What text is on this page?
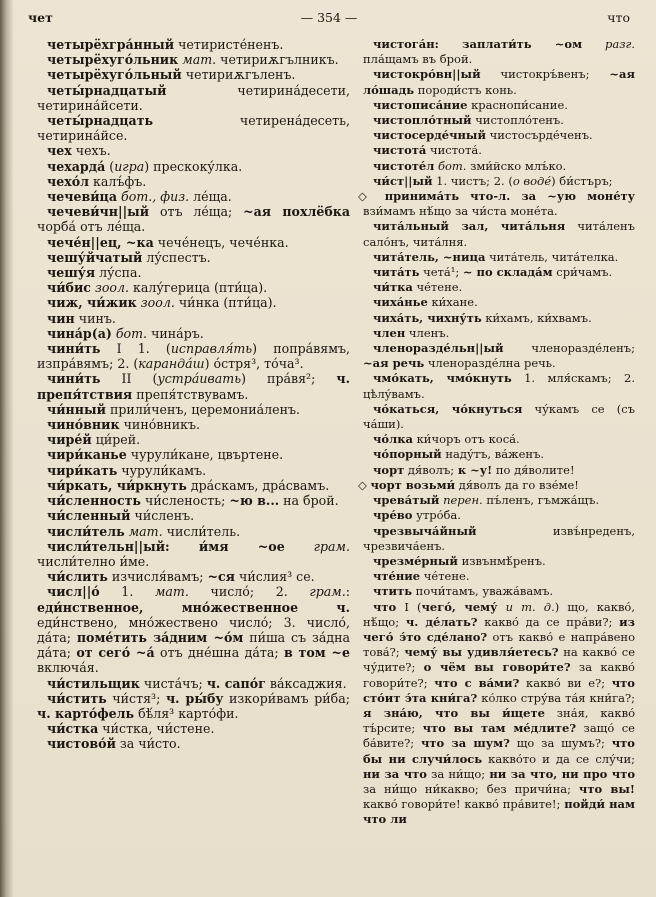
чет	— 354 —	что

четырёхгра́нный четиристе́ненъ.

четырёхуго́льник мат. четириѫгълникъ.

четырёхуго́льный четириѫгъленъ.

четы́рнадцатый четирина́десети, четирина́йсети.

четы́рнадцать четирена́десеть, четирина́йсе.

чех чехъ.

чехарда́ (игра) прескоку́лка.

чехо́л калъ́фъ.

чечеви́ца бот., физ. ле́ща.

чечеви́чн||ый отъ ле́ща; ~ая похлёбка чорба́ отъ ле́ща.

чече́н||ец, ~ка чече́нецъ, чече́нка.

чешу́йчатый лу́спестъ.

чешу́я лу́спа.

чи́бис зоол. калу́герица (пти́ца).

чиж, чи́жик зоол. чи́нка (пти́ца).

чин чинъ.

чина́р(а) бот. чина́ръ.

чини́ть I 1. (исправля́ть) попра́вямъ, изпра́вямъ; 2. (каранда́ш) о́стря³, то́ча³.

чини́ть II (устра́ивать) пра́вя²; ч. препя́тствия препя́тствувамъ.

чи́нный прили́ченъ, церемониа́ленъ.

чино́вник чино́вникъ.

чире́й ци́рей.

чири́канье чурули́кане, цвъртене.

чири́кать чурули́камъ.

чи́ркать, чи́ркнуть дра́скамъ, дра́свамъ.

чи́сленность чи́сленость; ~ю в... на брой.

чи́сленный чи́сленъ.

числи́тель мат. числи́тель.

числи́тельн||ый: и́мя ~ое грам. числи́телно и́ме.

чи́слить изчисля́вамъ; ~ся чи́слия³ се.

числ||о́ 1. мат. число́; 2. грам.: еди́нственное, мно́жественное ч. еди́нствено, мно́жествено число́; 3. число́, да́та; поме́тить за́дним ~о́м пи́ша съ за́дна да́та; от сего́ ~а́ отъ дне́шна да́та; в том ~е включа́я.

чи́стильщик чиста́чъ; ч. сапо́г ва́ксаджия.

чи́стить чи́стя³; ч. ры́бу изкори́вамъ ри́ба; ч. карто́фель бѣ́ля³ карто́фи.

чи́стка чи́стка, чи́стене.

чистово́й за чи́сто.

чистога́н: заплати́ть ~ом разг. пла́щамъ въ брой.

чистокро́вн||ый чистокръ́венъ; ~ая ло́шадь породи́стъ конь.

чистописа́ние краснопи́сание.

чистопло́тный чистопло́тенъ.

чистосерде́чный чистосърде́ченъ.

чистота́ чистота́.

чистоте́л бот. зми́йско млъ́ко.

чи́ст||ый 1. чистъ; 2. (о воде́) би́стъръ;

◇ принима́ть что-л. за ~ую моне́ту взи́мамъ нѣ́що за чи́ста моне́та.

чита́льный зал, чита́льня чита́ленъ сало́нъ, чита́лня.

чита́тель, ~ница чита́тель, чита́телка.

чита́ть чета́¹; ~ по склада́м сри́чамъ.

чи́тка че́тене.

чиха́нье ки́хане.

чиха́ть, чихну́ть ки́хамъ, ки́хвамъ.

член членъ.

членоразде́льн||ый членоразде́ленъ; ~ая речь членоразде́лна речь.

чмо́кать, чмо́кнуть 1. мля́скамъ; 2. цѣлу́вамъ.

чо́каться, чо́кнуться чу́камъ се (съ ча́ши).

чо́лка ки́чоръ отъ коса́.

чо́порный наду́тъ, ва́женъ.

чорт дя́волъ; к ~у! по дя́волите!

◇ чорт возьми́ дя́волъ да го взе́ме!

чрева́тый перен. пъ́ленъ, гъмжа́щъ.

чре́во утро́ба.

чрезвыча́йный извъ́нреденъ, чрезвича́енъ.

чрезме́рный извънмѣ́ренъ.

чте́ние че́тене.

чтить почи́тамъ, уважа́вамъ.

что I (чего́, чему́ и т. д.) що, какво́, нѣ́що; ч. де́лать? какво́ да се пра́ви?; из чего́ э́то сде́лано? отъ какво́ е напра́вено това́?; чему́ вы удивля́етесь? на какво́ се чу́дите?; о чём вы говори́те? за какво́ говори́те?; что с ва́ми? какво́ ви е?; что сто́ит э́та кни́га? ко́лко стру́ва та́я кни́га?; я зна́ю, что вы и́щете зна́я, какво́ тъ́рсите; что вы там ме́длите? защо́ се ба́вите?; что за шум? що за шумъ?; что бы ни случи́лось какво́то и да се слу́чи; ни за что за ни́що; ни за что, ни про что за ни́що ни́какво; без причи́на; что вы! какво́ говори́те! какво́ пра́вите!; пойди́ нам что ли
